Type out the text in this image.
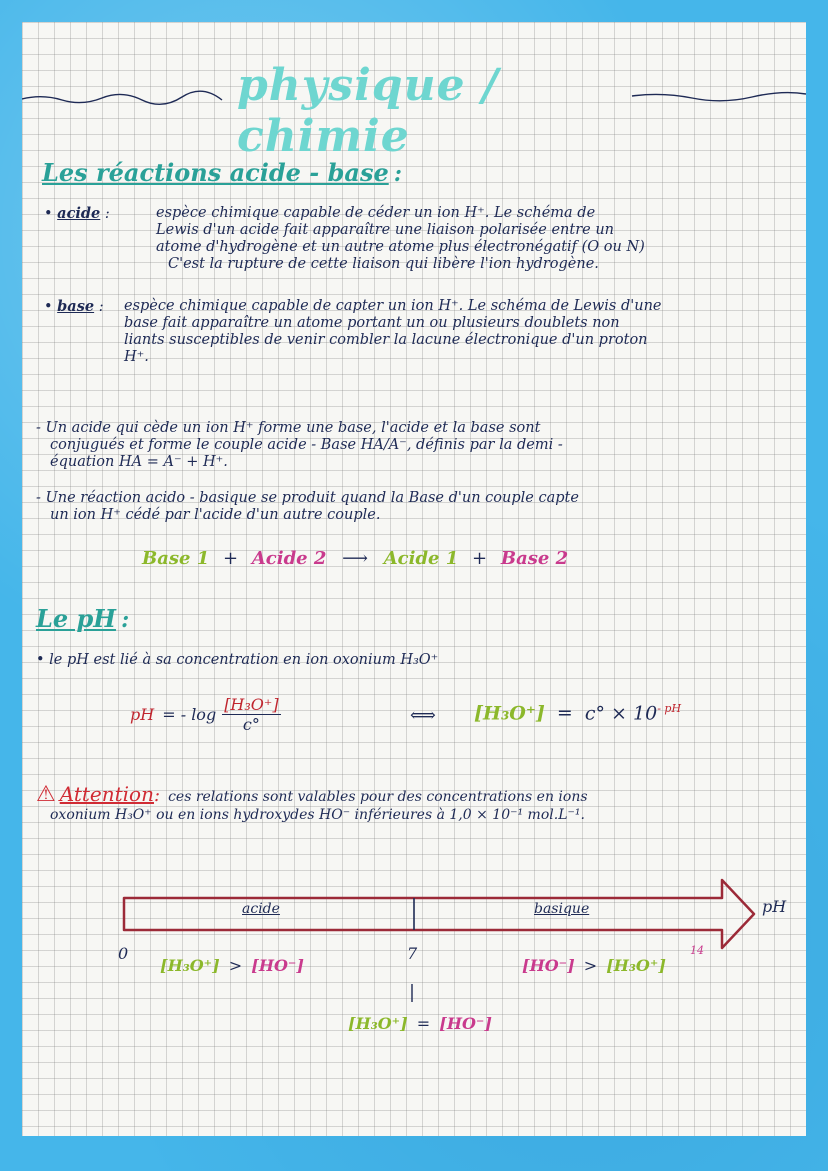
physique / chimie
Les réactions acide - base :
• acide :	espèce chimique capable de céder un ion H⁺. Le schéma de
Lewis d'un acide fait apparaître une liaison polarisée entre un
atome d'hydrogène et un autre atome plus électronégatif (O ou N)
C'est la rupture de cette liaison qui libère l'ion hydrogène.
• base :	espèce chimique capable de capter un ion H⁺. Le schéma de Lewis d'une
base fait apparaître un atome portant un ou plusieurs doublets non
liants susceptibles de venir combler la lacune électronique d'un proton
H⁺.
- Un acide qui cède un ion H⁺ forme une base, l'acide et la base sont
conjugués et forme le couple acide - Base HA/A⁻, définis par la demi -
équation HA = A⁻ + H⁺.
- Une réaction acido - basique se produit quand la Base d'un couple capte
un ion H⁺ cédé par l'acide d'un autre couple.
Base 1 + Acide 2 ⟶ Acide 1 + Base 2
Le pH :
• le pH est lié à sa concentration en ion oxonium H₃O⁺
pH = - $\log \frac{\text{[H₃O⁺]}}{c^\circ}$	⟺ $[H_3O^+] = c^\circ \times 10^{- pH}$
⚠ Attention : ces relations sont valables pour des concentrations en ions
oxonium H₃O⁺ ou en ions hydroxydes HO⁻ inférieures à 1,0 × 10⁻¹ mol.L⁻¹.
acide	basique	pH
0	7	14
[H₃O⁺] > [HO⁻]	[HO⁻] > [H₃O⁺]
[H₃O⁺] = [HO⁻]
